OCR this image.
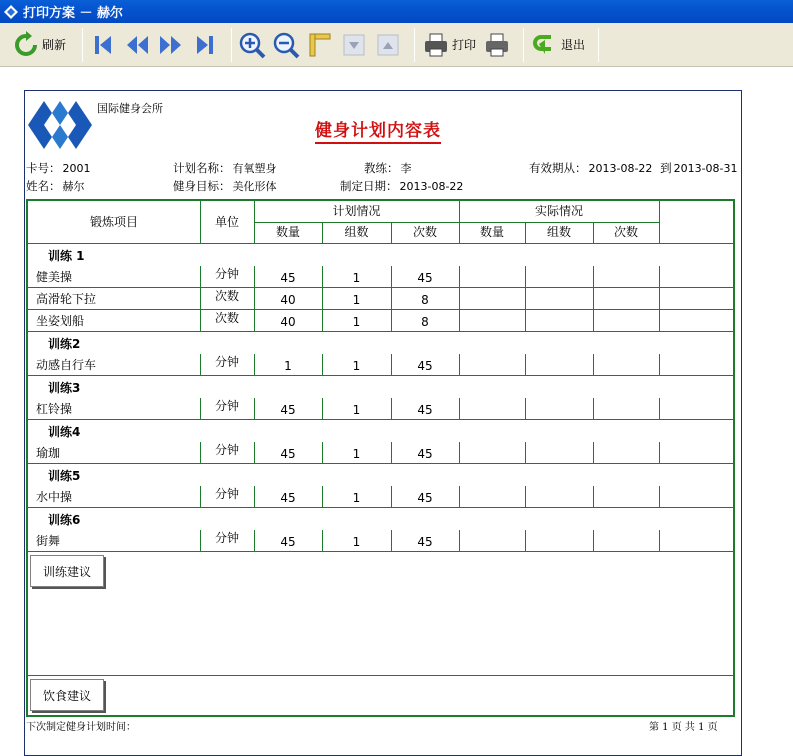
打印方案 － 赫尔
刷新	打印	退出
国际健身会所
健身计划内容表
卡号： 2001
姓名： 赫尔
计划名称： 有氧塑身
健身目标： 美化形体
教练： 李
制定日期： 2013-08-22
有效期从： 2013-08-22 到 2013-08-31
锻炼项目	单位
计划情况	实际情况
数量	组数	次数	数量	组数	次数
训练 1
健美操	分钟	45	1	45
高滑轮下拉	次数	40	1	8
坐姿划船	次数	40	1	8
训练2
动感自行车	分钟	1	1	45
训练3
杠铃操	分钟	45	1	45
训练4
瑜珈	分钟	45	1	45
训练5
水中操	分钟	45	1	45
训练6
街舞	分钟	45	1	45
训练建议
饮食建议
下次制定健身计划时间：	第 1 页 共 1 页
